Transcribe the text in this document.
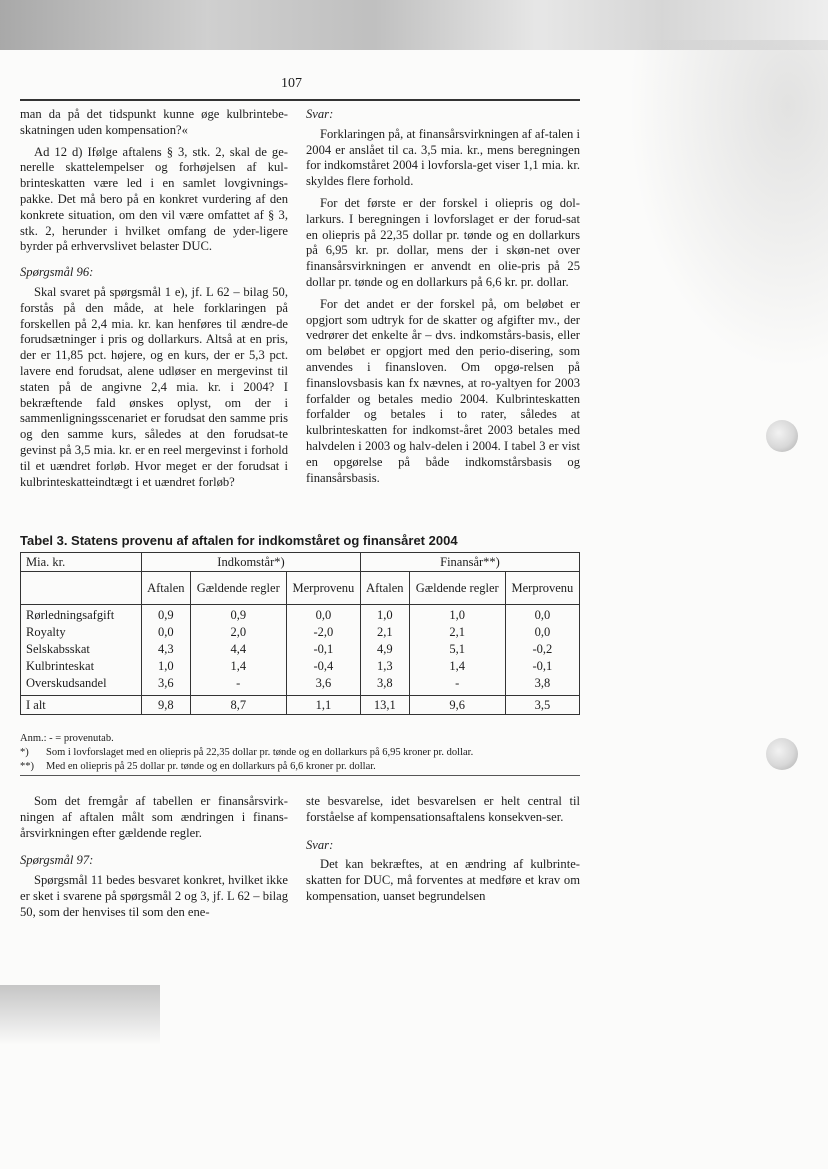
107

man da på det tidspunkt kunne øge kulbrintebe-skatningen uden kompensation?«

Ad 12 d) Ifølge aftalens § 3, stk. 2, skal de ge-nerelle skattelempelser og forhøjelsen af kul-brinteskatten være led i en samlet lovgivnings-pakke. Det må bero på en konkret vurdering af den konkrete situation, om den vil være omfattet af § 3, stk. 2, herunder i hvilket omfang de yder-ligere byrder på erhvervslivet belaster DUC.

Spørgsmål 96:

Skal svaret på spørgsmål 1 e), jf. L 62 – bilag 50, forstås på den måde, at hele forklaringen på forskellen på 2,4 mia. kr. kan henføres til ændre-de forudsætninger i pris og dollarkurs. Altså at en pris, der er 11,85 pct. højere, og en kurs, der er 5,3 pct. lavere end forudsat, alene udløser en mergevinst til staten på de angivne 2,4 mia. kr. i 2004? I bekræftende fald ønskes oplyst, om der i sammenligningsscenariet er forudsat den samme pris og den samme kurs, således at den forudsat-te gevinst på 3,5 mia. kr. er en reel mergevinst i forhold til et uændret forløb. Hvor meget er der forudsat i kulbrinteskatteindtægt i et uændret forløb?

Svar:

Forklaringen på, at finansårsvirkningen af af-talen i 2004 er anslået til ca. 3,5 mia. kr., mens beregningen for indkomståret 2004 i lovforsla-get viser 1,1 mia. kr. skyldes flere forhold.

For det første er der forskel i oliepris og dol-larkurs. I beregningen i lovforslaget er der forud-sat en oliepris på 22,35 dollar pr. tønde og en dollarkurs på 6,95 kr. pr. dollar, mens der i skøn-net over finansårsvirkningen er anvendt en olie-pris på 25 dollar pr. tønde og en dollarkurs på 6,6 kr. pr. dollar.

For det andet er der forskel på, om beløbet er opgjort som udtryk for de skatter og afgifter mv., der vedrører det enkelte år – dvs. indkomstårs-basis, eller om beløbet er opgjort med den perio-disering, som anvendes i finansloven. Om opgø-relsen på finanslovsbasis kan fx nævnes, at ro-yaltyen for 2003 forfalder og betales medio 2004. Kulbrinteskatten forfalder og betales i to rater, således at kulbrinteskatten for indkomst-året 2003 betales med halvdelen i 2003 og halv-delen i 2004. I tabel 3 er vist en opgørelse på både indkomstårsbasis og finansårsbasis.

Tabel 3. Statens provenu af aftalen for indkomståret og finansåret 2004
Mia. kr.	Indkomstår*)			Finansår**)		
	Aftalen	Gældende regler	Merprovenu	Aftalen	Gældende regler	Merprovenu
Rørledningsafgift	0,9	0,9	0,0	1,0	1,0	0,0
Royalty	0,0	2,0	-2,0	2,1	2,1	0,0
Selskabsskat	4,3	4,4	-0,1	4,9	5,1	-0,2
Kulbrinteskat	1,0	1,4	-0,4	1,3	1,4	-0,1
Overskudsandel	3,6	-	3,6	3,8	-	3,8
I alt	9,8	8,7	1,1	13,1	9,6	3,5
Anm.: - = provenutab.
*) Som i lovforslaget med en oliepris på 22,35 dollar pr. tønde og en dollarkurs på 6,95 kroner pr. dollar.
**) Med en oliepris på 25 dollar pr. tønde og en dollarkurs på 6,6 kroner pr. dollar.

Som det fremgår af tabellen er finansårsvirk-ningen af aftalen målt som ændringen i finans-årsvirkningen efter gældende regler.

Spørgsmål 97:

Spørgsmål 11 bedes besvaret konkret, hvilket ikke er sket i svarene på spørgsmål 2 og 3, jf. L 62 – bilag 50, som der henvises til som den ene-

ste besvarelse, idet besvarelsen er helt central til forståelse af kompensationsaftalens konsekven-ser.

Svar:

Det kan bekræftes, at en ændring af kulbrinte-skatten for DUC, må forventes at medføre et krav om kompensation, uanset begrundelsen
